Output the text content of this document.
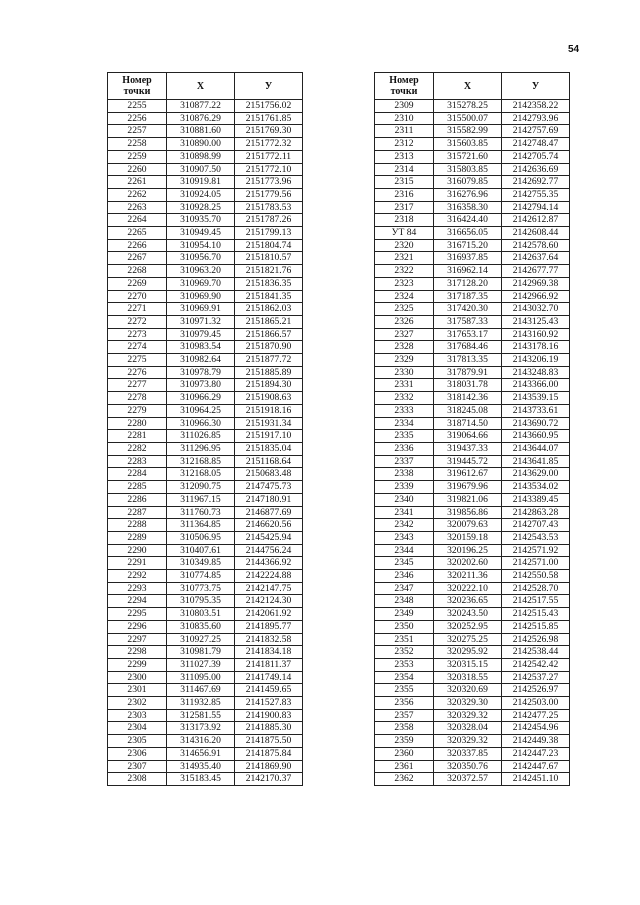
54
Номер
точки	X	У
2255	310877.22	2151756.02
2256	310876.29	2151761.85
2257	310881.60	2151769.30
2258	310890.00	2151772.32
2259	310898.99	2151772.11
2260	310907.50	2151772.10
2261	310919.81	2151773.96
2262	310924.05	2151779.56
2263	310928.25	2151783.53
2264	310935.70	2151787.26
2265	310949.45	2151799.13
2266	310954.10	2151804.74
2267	310956.70	2151810.57
2268	310963.20	2151821.76
2269	310969.70	2151836.35
2270	310969.90	2151841.35
2271	310969.91	2151862.03
2272	310971.32	2151865.21
2273	310979.45	2151866.57
2274	310983.54	2151870.90
2275	310982.64	2151877.72
2276	310978.79	2151885.89
2277	310973.80	2151894.30
2278	310966.29	2151908.63
2279	310964.25	2151918.16
2280	310966.30	2151931.34
2281	311026.85	2151917.10
2282	311296.95	2151835.04
2283	312168.85	2151168.64
2284	312168.05	2150683.48
2285	312090.75	2147475.73
2286	311967.15	2147180.91
2287	311760.73	2146877.69
2288	311364.85	2146620.56
2289	310506.95	2145425.94
2290	310407.61	2144756.24
2291	310349.85	2144366.92
2292	310774.85	2142224.88
2293	310773.75	2142147.75
2294	310795.35	2142124.30
2295	310803.51	2142061.92
2296	310835.60	2141895.77
2297	310927.25	2141832.58
2298	310981.79	2141834.18
2299	311027.39	2141811.37
2300	311095.00	2141749.14
2301	311467.69	2141459.65
2302	311932.85	2141527.83
2303	312581.55	2141900.83
2304	313173.92	2141885.30
2305	314316.20	2141875.50
2306	314656.91	2141875.84
2307	314935.40	2141869.90
2308	315183.45	2142170.37
Номер
точки	X	У
2309	315278.25	2142358.22
2310	315500.07	2142793.96
2311	315582.99	2142757.69
2312	315603.85	2142748.47
2313	315721.60	2142705.74
2314	315803.85	2142636.69
2315	316079.85	2142692.77
2316	316276.96	2142755.35
2317	316358.30	2142794.14
2318	316424.40	2142612.87
УТ 84	316656.05	2142608.44
2320	316715.20	2142578.60
2321	316937.85	2142637.64
2322	316962.14	2142677.77
2323	317128.20	2142969.38
2324	317187.35	2142966.92
2325	317420.30	2143032.70
2326	317587.33	2143125.43
2327	317653.17	2143160.92
2328	317684.46	2143178.16
2329	317813.35	2143206.19
2330	317879.91	2143248.83
2331	318031.78	2143366.00
2332	318142.36	2143539.15
2333	318245.08	2143733.61
2334	318714.50	2143690.72
2335	319064.66	2143660.95
2336	319437.33	2143644.07
2337	319445.72	2143641.85
2338	319612.67	2143629.00
2339	319679.96	2143534.02
2340	319821.06	2143389.45
2341	319856.86	2142863.28
2342	320079.63	2142707.43
2343	320159.18	2142543.53
2344	320196.25	2142571.92
2345	320202.60	2142571.00
2346	320211.36	2142550.58
2347	320222.10	2142528.70
2348	320236.65	2142517.55
2349	320243.50	2142515.43
2350	320252.95	2142515.85
2351	320275.25	2142526.98
2352	320295.92	2142538.44
2353	320315.15	2142542.42
2354	320318.55	2142537.27
2355	320320.69	2142526.97
2356	320329.30	2142503.00
2357	320329.32	2142477.25
2358	320328.04	2142454.96
2359	320329.32	2142449.38
2360	320337.85	2142447.23
2361	320350.76	2142447.67
2362	320372.57	2142451.10
